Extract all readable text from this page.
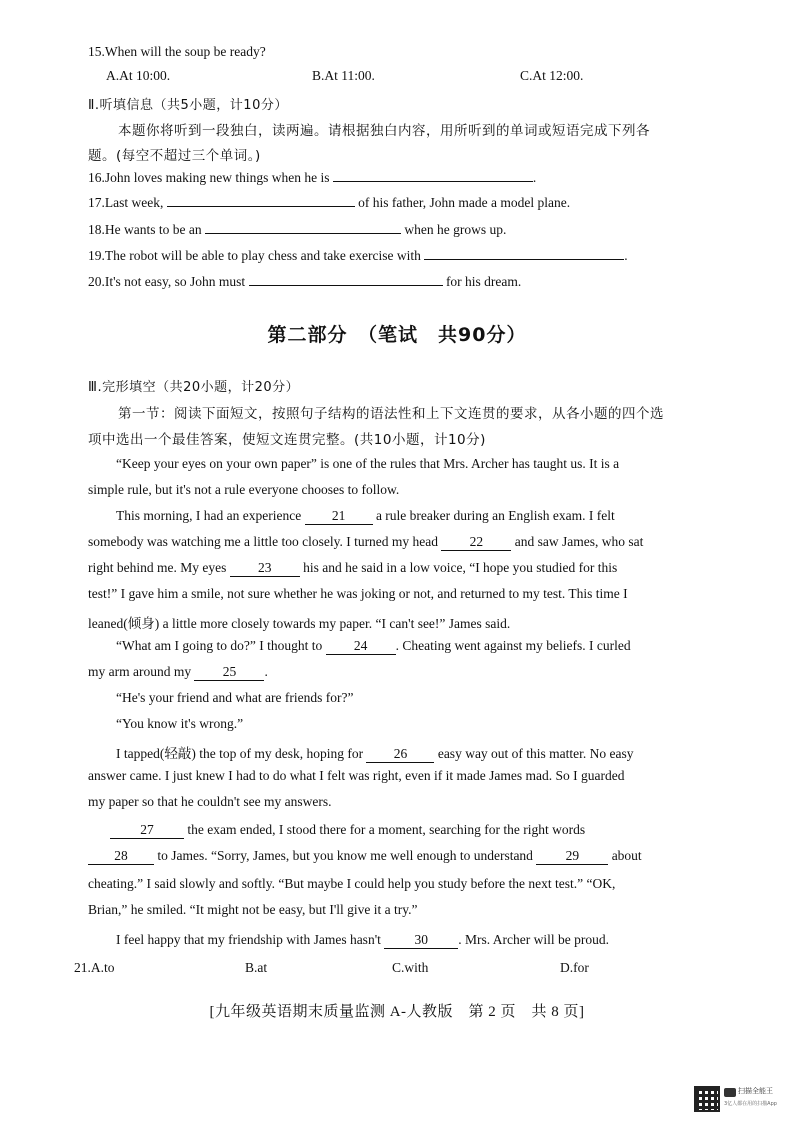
15.When will the soup be ready?
A.At 10:00.	B.At 11:00.	C.At 12:00.
Ⅱ.听填信息（共5小题，计10分）
本题你将听到一段独白，读两遍。请根据独白内容，用所听到的单词或短语完成下列各
题。(每空不超过三个单词。)
16.John loves making new things when he is	.
17.Last week,	of his father, John made a model plane.
18.He wants to be an	when he grows up.
19.The robot will be able to play chess and take exercise with	.
20.It's not easy, so John must	for his dream.
第二部分　（笔试　共90分）
Ⅲ.完形填空（共20小题，计20分）
第一节：阅读下面短文，按照句子结构的语法性和上下文连贯的要求，从各小题的四个选
项中选出一个最佳答案，使短文连贯完整。(共10小题，计10分)
“Keep your eyes on your own paper” is one of the rules that Mrs. Archer has taught us. It is a
simple rule, but it's not a rule everyone chooses to follow.
This morning, I had an experience 21 a rule breaker during an English exam. I felt
somebody was watching me a little too closely. I turned my head 22 and saw James, who sat
right behind me. My eyes 23 his and he said in a low voice, “I hope you studied for this
test!” I gave him a smile, not sure whether he was joking or not, and returned to my test. This time I
leaned(倾身) a little more closely towards my paper. “I can't see!” James said.
“What am I going to do?” I thought to 24 . Cheating went against my beliefs. I curled
my arm around my 25 .
“He's your friend and what are friends for?”
“You know it's wrong.”
I tapped(轻敲) the top of my desk, hoping for 26 easy way out of this matter. No easy
answer came. I just knew I had to do what I felt was right, even if it made James mad. So I guarded
my paper so that he couldn't see my answers.
27 the exam ended, I stood there for a moment, searching for the right words
28 to James. “Sorry, James, but you know me well enough to understand 29 about
cheating.” I said slowly and softly. “But maybe I could help you study before the next test.” “OK,
Brian,” he smiled. “It might not be easy, but I'll give it a try.”
I feel happy that my friendship with James hasn't 30 . Mrs. Archer will be proud.
21.A.to	B.at	C.with	D.for
[九年级英语期末质量监测 A-人教版　第 2 页　共 8 页]
扫描全能王
3亿人都在用的扫描App
